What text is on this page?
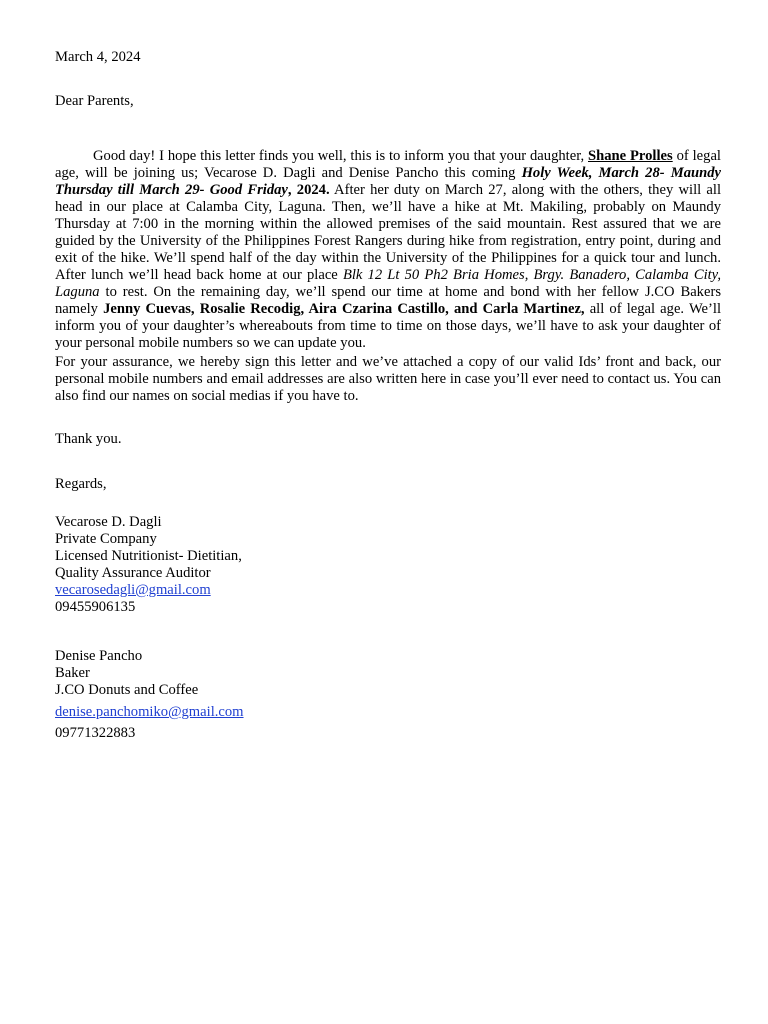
March 4, 2024
Dear Parents,
Good day! I hope this letter finds you well, this is to inform you that your daughter, Shane Prolles of legal age, will be joining us; Vecarose D. Dagli and Denise Pancho this coming Holy Week, March 28- Maundy Thursday till March 29- Good Friday, 2024. After her duty on March 27, along with the others, they will all head in our place at Calamba City, Laguna. Then, we’ll have a hike at Mt. Makiling, probably on Maundy Thursday at 7:00 in the morning within the allowed premises of the said mountain. Rest assured that we are guided by the University of the Philippines Forest Rangers during hike from registration, entry point, during and exit of the hike. We’ll spend half of the day within the University of the Philippines for a quick tour and lunch. After lunch we’ll head back home at our place Blk 12 Lt 50 Ph2 Bria Homes, Brgy. Banadero, Calamba City, Laguna to rest. On the remaining day, we’ll spend our time at home and bond with her fellow J.CO Bakers namely Jenny Cuevas, Rosalie Recodig, Aira Czarina Castillo, and Carla Martinez, all of legal age. We’ll inform you of your daughter’s whereabouts from time to time on those days, we’ll have to ask your daughter of your personal mobile numbers so we can update you.
For your assurance, we hereby sign this letter and we’ve attached a copy of our valid Ids’ front and back, our personal mobile numbers and email addresses are also written here in case you’ll ever need to contact us. You can also find our names on social medias if you have to.
Thank you.
Regards,
Vecarose D. Dagli
Private Company
Licensed Nutritionist- Dietitian,
Quality Assurance Auditor
vecarosedagli@gmail.com
09455906135
Denise Pancho
Baker
J.CO Donuts and Coffee
denise.panchomiko@gmail.com
09771322883
